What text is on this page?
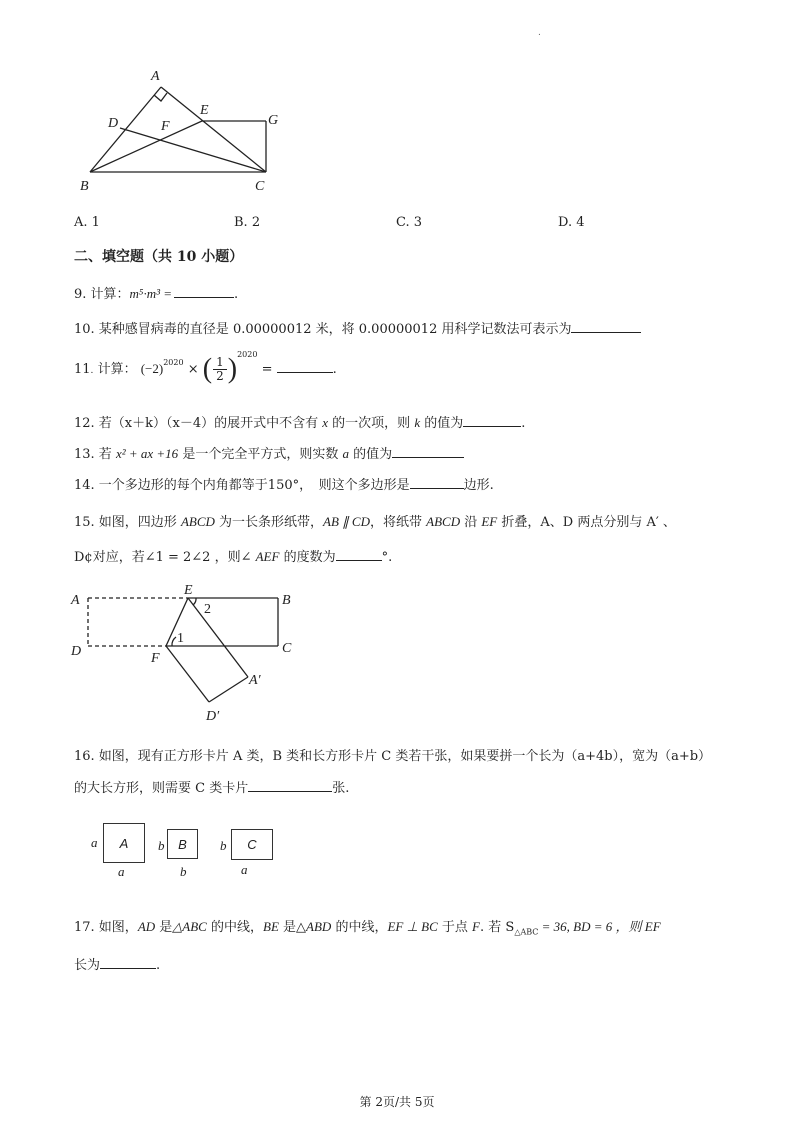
.
A
D	F
E
G
B	C
A. 1	B. 2	C. 3	D. 4
二、填空题（共 10 小题）
9. 计算：m⁵·m³ =	.
10. 某种感冒病毒的直径是 0.00000012 米，将 0.00000012 用科学记数法可表示为
11. 计算： $(-2)^{2020}$ × ( $\frac{1}{2} )^{2020}$ =	.
12. 若（x＋k）（x－4）的展开式中不含有 x 的一次项，则 k 的值为	.
13. 若 x² + ax +16 是一个完全平方式，则实数 a 的值为
14. 一个多边形的每个内角都等于150°，　则这个多边形是	边形.
15. 如图，四边形 ABCD 为一长条形纸带，AB ∥ CD，将纸带 ABCD 沿 EF 折叠，A、D 两点分别与 A′ 、
D¢对应，若∠1 = 2∠2 ，则∠ AEF 的度数为	°.
A
E
2
B
1
D	F
C
A′
D′
16. 如图，现有正方形卡片 A 类，B 类和长方形卡片 C 类若干张，如果要拼一个长为（a+4b），宽为（a+b）
的大长方形，则需要 C 类卡片	张.
a A
a
b B
b
b C
a
17. 如图，AD 是△ABC 的中线，BE 是△ABD 的中线，EF ⊥ BC 于点 F. 若 $S_{\triangle ABC} = 36$, BD = 6 ，则 EF
长为	.
第 2页/共 5页
